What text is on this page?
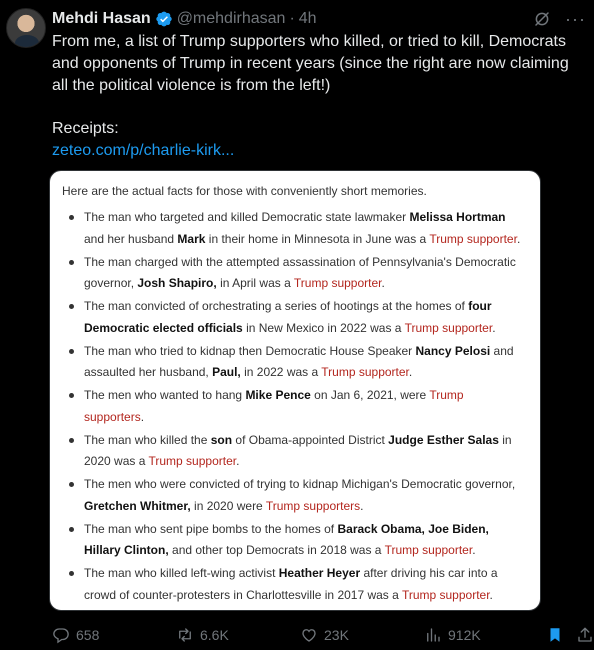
Mehdi Hasan @mehdirhasan · 4h	···
From me, a list of Trump supporters who killed, or tried to kill, Democrats and opponents of Trump in recent years (since the right are now claiming all the political violence is from the left!)
Receipts:
zeteo.com/p/charlie-kirk...
Here are the actual facts for those with conveniently short memories.
The man who targeted and killed Democratic state lawmaker Melissa Hortman and her husband Mark in their home in Minnesota in June was a Trump supporter.
The man charged with the attempted assassination of Pennsylvania's Democratic governor, Josh Shapiro, in April was a Trump supporter.
The man convicted of orchestrating a series of hootings at the homes of four Democratic elected officials in New Mexico in 2022 was a Trump supporter.
The man who tried to kidnap then Democratic House Speaker Nancy Pelosi and assaulted her husband, Paul, in 2022 was a Trump supporter.
The men who wanted to hang Mike Pence on Jan 6, 2021, were Trump supporters.
The man who killed the son of Obama-appointed District Judge Esther Salas in 2020 was a Trump supporter.
The men who were convicted of trying to kidnap Michigan's Democratic governor, Gretchen Whitmer, in 2020 were Trump supporters.
The man who sent pipe bombs to the homes of Barack Obama, Joe Biden, Hillary Clinton, and other top Democrats in 2018 was a Trump supporter.
The man who killed left-wing activist Heather Heyer after driving his car into a crowd of counter-protesters in Charlottesville in 2017 was a Trump supporter.
658	6.6K	23K	912K
